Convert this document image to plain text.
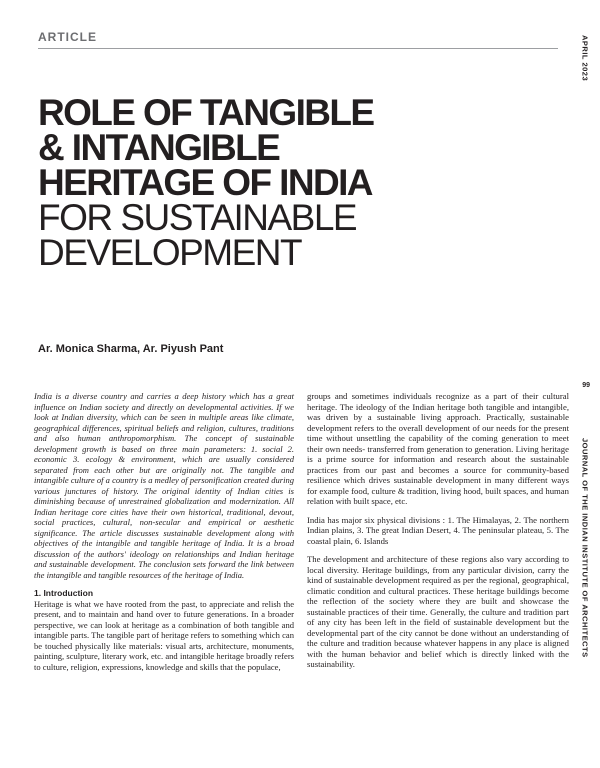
ARTICLE	APRIL 2023
99
JOURNAL OF THE INDIAN INSTITUTE OF ARCHITECTS
ROLE OF TANGIBLE
& INTANGIBLE
HERITAGE OF INDIA
FOR SUSTAINABLE
DEVELOPMENT
Ar. Monica Sharma, Ar. Piyush Pant

India is a diverse country and carries a deep history which has a great influence on Indian society and directly on developmental activities. If we look at Indian diversity, which can be seen in multiple areas like climate, geographical differences, spiritual beliefs and religion, cultures, traditions and also human anthropomorphism. The concept of sustainable development growth is based on three main parameters: 1. social 2. economic 3. ecology & environment, which are usually considered separated from each other but are originally not. The tangible and intangible culture of a country is a medley of personification created during various junctures of history. The original identity of Indian cities is diminishing because of unrestrained globalization and modernization. All Indian heritage core cities have their own historical, traditional, devout, social practices, cultural, non-secular and empirical or aesthetic significance. The article discusses sustainable development along with objectives of the intangible and tangible heritage of India. It is a broad discussion of the authors' ideology on relationships and Indian heritage and sustainable development. The conclusion sets forward the link between the intangible and tangible resources of the heritage of India.

1. Introduction

Heritage is what we have rooted from the past, to appreciate and relish the present, and to maintain and hand over to future generations. In a broader perspective, we can look at heritage as a combination of both tangible and intangible parts. The tangible part of heritage refers to something which can be touched physically like materials: visual arts, architecture, monuments, painting, sculpture, literary work, etc. and intangible heritage broadly refers to culture, religion, expressions, knowledge and skills that the populace,

groups and sometimes individuals recognize as a part of their cultural heritage. The ideology of the Indian heritage both tangible and intangible, was driven by a sustainable living approach. Practically, sustainable development refers to the overall development of our needs for the present time without unsettling the capability of the coming generation to meet their own needs- transferred from generation to generation. Living heritage is a prime source for information and research about the sustainable practices from our past and becomes a source for community-based resilience which drives sustainable development in many different ways for example food, culture & tradition, living hood, built spaces, and human relation with built space, etc.

India has major six physical divisions : 1. The Himalayas, 2. The northern Indian plains, 3. The great Indian Desert, 4. The peninsular plateau, 5. The coastal plain, 6. Islands

The development and architecture of these regions also vary according to local diversity. Heritage buildings, from any particular division, carry the kind of sustainable development required as per the regional, geographical, climatic condition and cultural practices. These heritage buildings become the reflection of the society where they are built and showcase the sustainable practices of their time. Generally, the culture and tradition part of any city has been left in the field of sustainable development but the developmental part of the city cannot be done without an understanding of the culture and tradition because whatever happens in any place is aligned with the human behavior and belief which is directly linked with the sustainability.
